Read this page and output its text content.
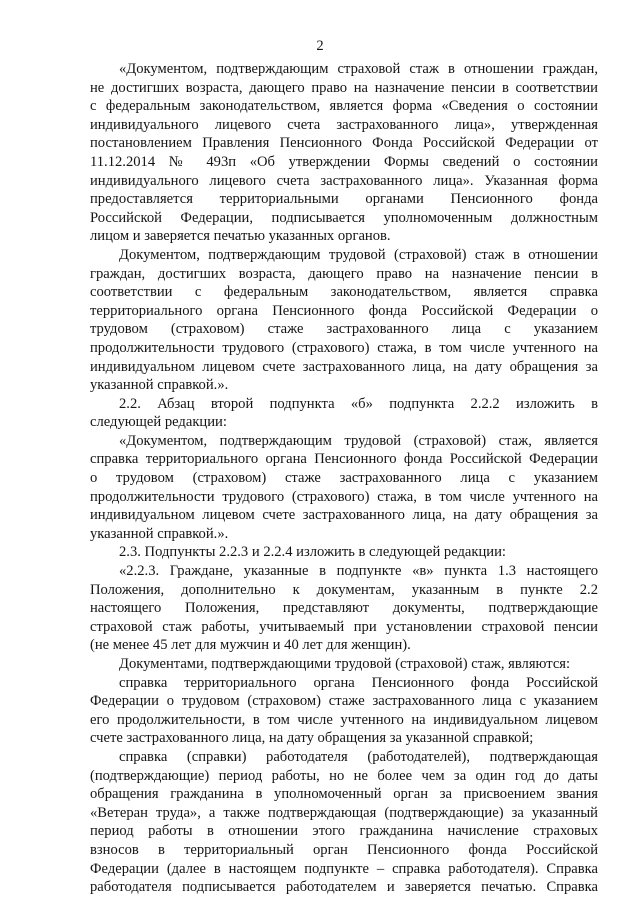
2
«Документом, подтверждающим страховой стаж в отношении граждан,
не достигших возраста, дающего право на назначение пенсии в соответствии
с федеральным законодательством, является форма «Сведения о состоянии
индивидуального лицевого счета застрахованного лица», утвержденная
постановлением Правления Пенсионного Фонда Российской Федерации от
11.12.2014 № 493п «Об утверждении Формы сведений о состоянии
индивидуального лицевого счета застрахованного лица». Указанная форма
предоставляется территориальными органами Пенсионного фонда
Российской Федерации, подписывается уполномоченным должностным
лицом и заверяется печатью указанных органов.
Документом, подтверждающим трудовой (страховой) стаж в отношении
граждан, достигших возраста, дающего право на назначение пенсии в
соответствии с федеральным законодательством, является справка
территориального органа Пенсионного фонда Российской Федерации о
трудовом (страховом) стаже застрахованного лица с указанием
продолжительности трудового (страхового) стажа, в том числе учтенного на
индивидуальном лицевом счете застрахованного лица, на дату обращения за
указанной справкой.».
2.2. Абзац второй подпункта «б» подпункта 2.2.2 изложить в
следующей редакции:
«Документом, подтверждающим трудовой (страховой) стаж, является
справка территориального органа Пенсионного фонда Российской Федерации
о трудовом (страховом) стаже застрахованного лица с указанием
продолжительности трудового (страхового) стажа, в том числе учтенного на
индивидуальном лицевом счете застрахованного лица, на дату обращения за
указанной справкой.».
2.3. Подпункты 2.2.3 и 2.2.4 изложить в следующей редакции:
«2.2.3. Граждане, указанные в подпункте «в» пункта 1.3 настоящего
Положения, дополнительно к документам, указанным в пункте 2.2
настоящего Положения, представляют документы, подтверждающие
страховой стаж работы, учитываемый при установлении страховой пенсии
(не менее 45 лет для мужчин и 40 лет для женщин).
Документами, подтверждающими трудовой (страховой) стаж, являются:
справка территориального органа Пенсионного фонда Российской
Федерации о трудовом (страховом) стаже застрахованного лица с указанием
его продолжительности, в том числе учтенного на индивидуальном лицевом
счете застрахованного лица, на дату обращения за указанной справкой;
справка (справки) работодателя (работодателей), подтверждающая
(подтверждающие) период работы, но не более чем за один год до даты
обращения гражданина в уполномоченный орган за присвоением звания
«Ветеран труда», а также подтверждающая (подтверждающие) за указанный
период работы в отношении этого гражданина начисление страховых
взносов в территориальный орган Пенсионного фонда Российской
Федерации (далее в настоящем подпункте – справка работодателя). Справка
работодателя подписывается работодателем и заверяется печатью. Справка
